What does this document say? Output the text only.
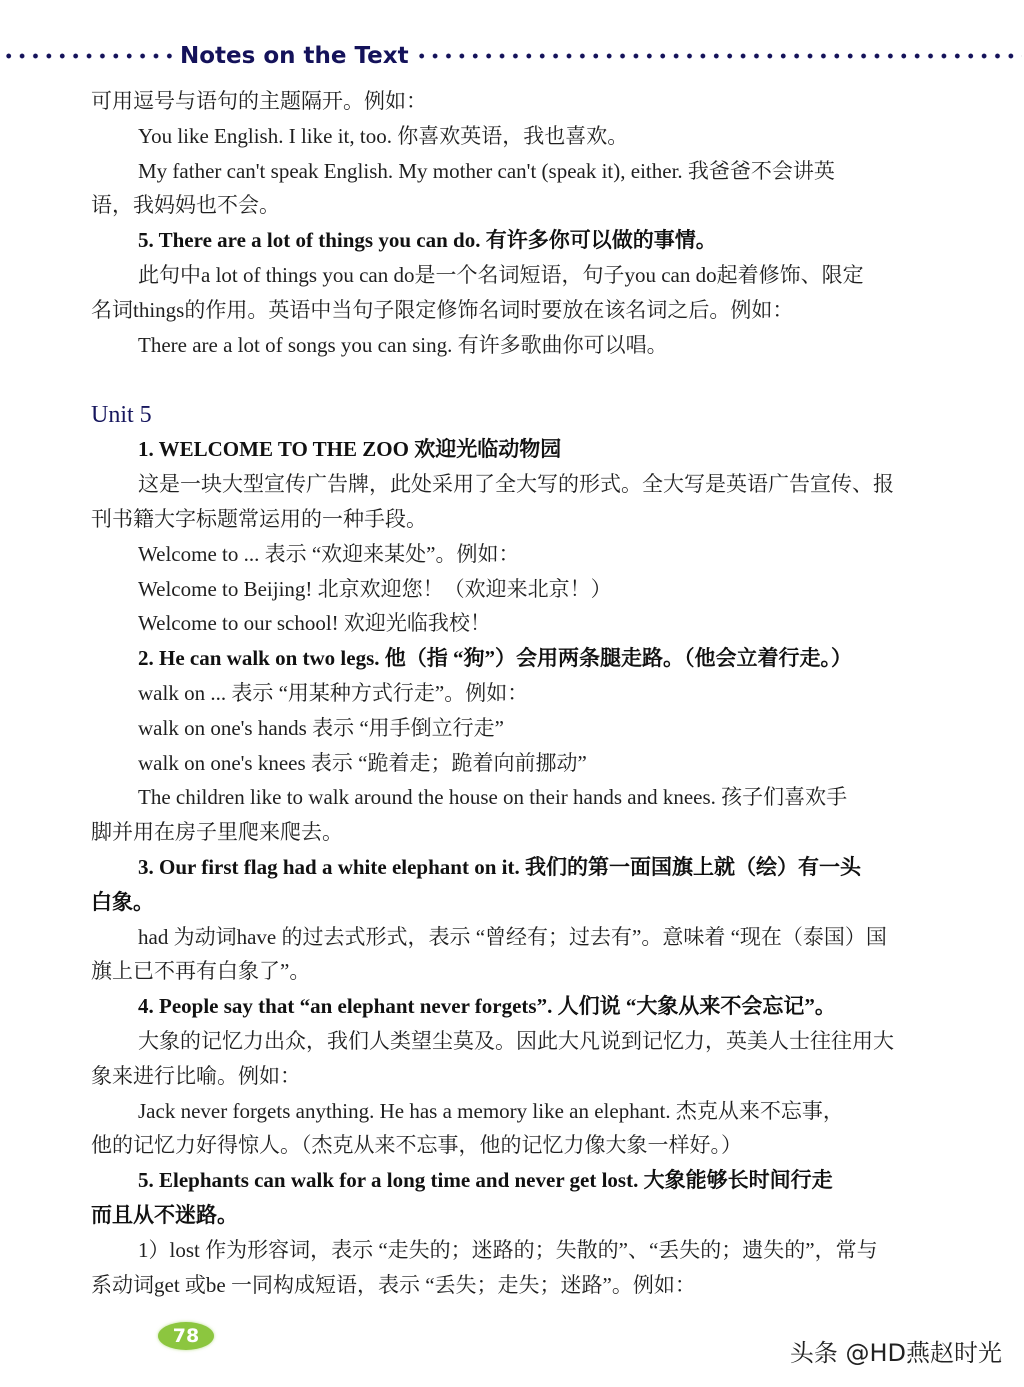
Notes on the Text
可用逗号与语句的主题隔开。例如：
You like English. I like it, too. 你喜欢英语，我也喜欢。
My father can't speak English. My mother can't (speak it), either. 我爸爸不会讲英
语，我妈妈也不会。
5. There are a lot of things you can do. 有许多你可以做的事情。
此句中a lot of things you can do是一个名词短语，句子you can do起着修饰、限定
名词things的作用。英语中当句子限定修饰名词时要放在该名词之后。例如：
There are a lot of songs you can sing. 有许多歌曲你可以唱。
Unit 5
1. WELCOME TO THE ZOO 欢迎光临动物园
这是一块大型宣传广告牌，此处采用了全大写的形式。全大写是英语广告宣传、报
刊书籍大字标题常运用的一种手段。
Welcome to ... 表示 “欢迎来某处”。例如：
Welcome to Beijing! 北京欢迎您！（欢迎来北京！）
Welcome to our school! 欢迎光临我校！
2. He can walk on two legs. 他（指 “狗”）会用两条腿走路。（他会立着行走。）
walk on ... 表示 “用某种方式行走”。例如：
walk on one's hands 表示 “用手倒立行走”
walk on one's knees 表示 “跪着走；跪着向前挪动”
The children like to walk around the house on their hands and knees. 孩子们喜欢手
脚并用在房子里爬来爬去。
3. Our first flag had a white elephant on it. 我们的第一面国旗上就（绘）有一头
白象。
had 为动词have 的过去式形式，表示 “曾经有；过去有”。意味着 “现在（泰国）国
旗上已不再有白象了”。
4. People say that “an elephant never forgets”. 人们说 “大象从来不会忘记”。
大象的记忆力出众，我们人类望尘莫及。因此大凡说到记忆力，英美人士往往用大
象来进行比喻。例如：
Jack never forgets anything. He has a memory like an elephant. 杰克从来不忘事，
他的记忆力好得惊人。（杰克从来不忘事，他的记忆力像大象一样好。）
5. Elephants can walk for a long time and never get lost. 大象能够长时间行走
而且从不迷路。
1）lost 作为形容词，表示 “走失的；迷路的；失散的”、“丢失的；遗失的”，常与
系动词get 或be 一同构成短语，表示 “丢失；走失；迷路”。例如：
78
头条 @HD燕赵时光
